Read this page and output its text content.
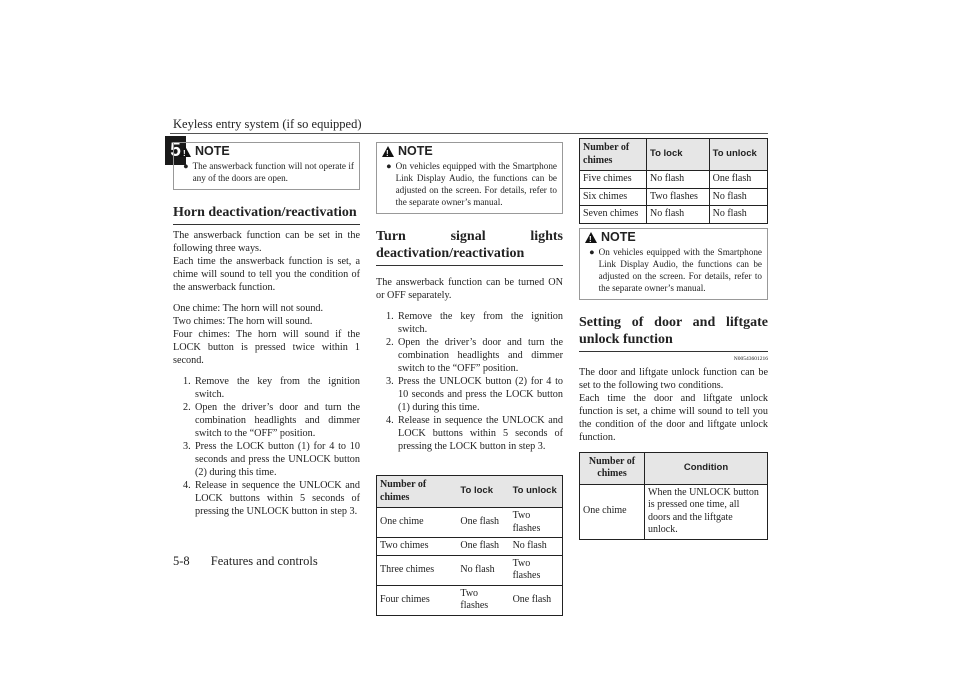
Keyless entry system (if so equipped)
5
5-8 Features and controls
!
NOTE
● The answerback function will not operate if any of the doors are open.
Horn deactivation/reactivation

The answerback function can be set in the following three ways.

Each time the answerback function is set, a chime will sound to tell you the condition of the answerback function.

One chime: The horn will not sound.

Two chimes: The horn will sound.

Four chimes: The horn will sound if the LOCK button is pressed twice within 1 second.

1. Remove the key from the ignition switch.
2. Open the driver’s door and turn the combination headlights and dimmer switch to the “OFF” position.
3. Press the LOCK button (1) for 4 to 10 seconds and press the UNLOCK button (2) during this time.
4. Release in sequence the UNLOCK and LOCK buttons within 5 seconds of pressing the UNLOCK button in step 3.
!
NOTE
● On vehicles equipped with the Smartphone Link Display Audio, the functions can be adjusted on the screen. For details, refer to the separate owner’s manual.
Turn signal lights deactivation/reactivation

The answerback function can be turned ON or OFF separately.

1. Remove the key from the ignition switch.
2. Open the driver’s door and turn the combination headlights and dimmer switch to the “OFF” position.
3. Press the UNLOCK button (2) for 4 to 10 seconds and press the LOCK button (1) during this time.
4. Release in sequence the UNLOCK and LOCK buttons within 5 seconds of pressing the LOCK button in step 3.
Number of chimes	To lock	To unlock
One chime	One flash	Two flashes
Two chimes	One flash	No flash
Three chimes	No flash	Two flashes
Four chimes	Two flashes	One flash
Number of chimes	To lock	To unlock
Five chimes	No flash	One flash
Six chimes	Two flashes	No flash
Seven chimes	No flash	No flash
!
NOTE
● On vehicles equipped with the Smartphone Link Display Audio, the functions can be adjusted on the screen. For details, refer to the separate owner’s manual.
Setting of door and liftgate unlock function
N00543601216

The door and liftgate unlock function can be set to the following two conditions.

Each time the door and liftgate unlock function is set, a chime will sound to tell you the condition of the door and liftgate unlock function.

Number of chimes	Condition
One chime	When the UNLOCK button is pressed one time, all doors and the liftgate unlock.
